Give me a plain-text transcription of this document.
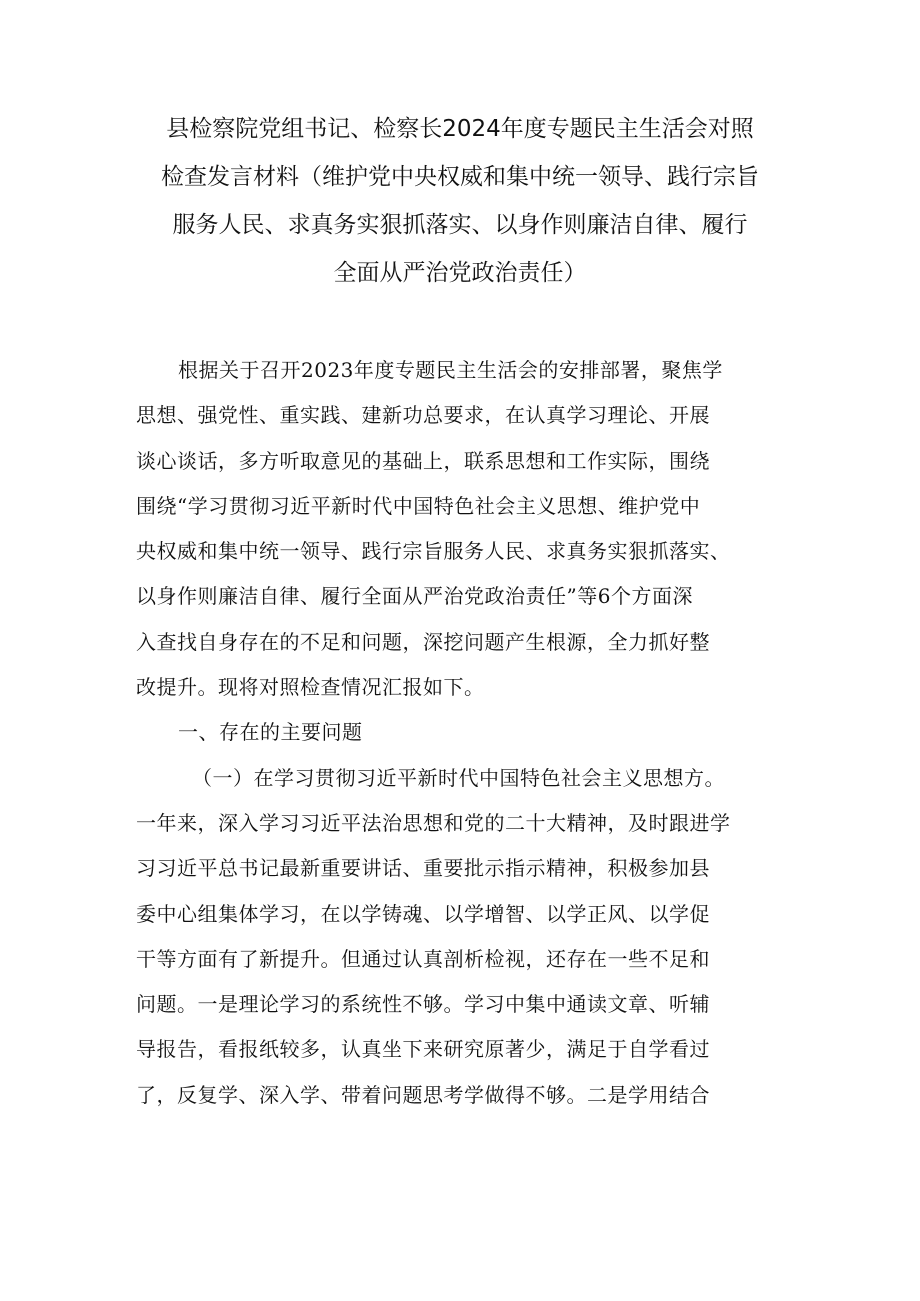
县检察院党组书记、检察长2024年度专题民主生活会对照
检查发言材料（维护党中央权威和集中统一领导、践行宗旨
服务人民、求真务实狠抓落实、以身作则廉洁自律、履行
全面从严治党政治责任）
根据关于召开2023年度专题民主生活会的安排部署，聚焦学
思想、强党性、重实践、建新功总要求，在认真学习理论、开展
谈心谈话，多方听取意见的基础上，联系思想和工作实际，围绕
围绕“学习贯彻习近平新时代中国特色社会主义思想、维护党中
央权威和集中统一领导、践行宗旨服务人民、求真务实狠抓落实、
以身作则廉洁自律、履行全面从严治党政治责任”等6个方面深
入查找自身存在的不足和问题，深挖问题产生根源，全力抓好整
改提升。现将对照检查情况汇报如下。
一、存在的主要问题
（一）在学习贯彻习近平新时代中国特色社会主义思想方。
一年来，深入学习习近平法治思想和党的二十大精神，及时跟进学
习习近平总书记最新重要讲话、重要批示指示精神，积极参加县
委中心组集体学习，在以学铸魂、以学增智、以学正风、以学促
干等方面有了新提升。但通过认真剖析检视，还存在一些不足和
问题。一是理论学习的系统性不够。学习中集中通读文章、听辅
导报告，看报纸较多，认真坐下来研究原著少，满足于自学看过
了，反复学、深入学、带着问题思考学做得不够。二是学用结合
